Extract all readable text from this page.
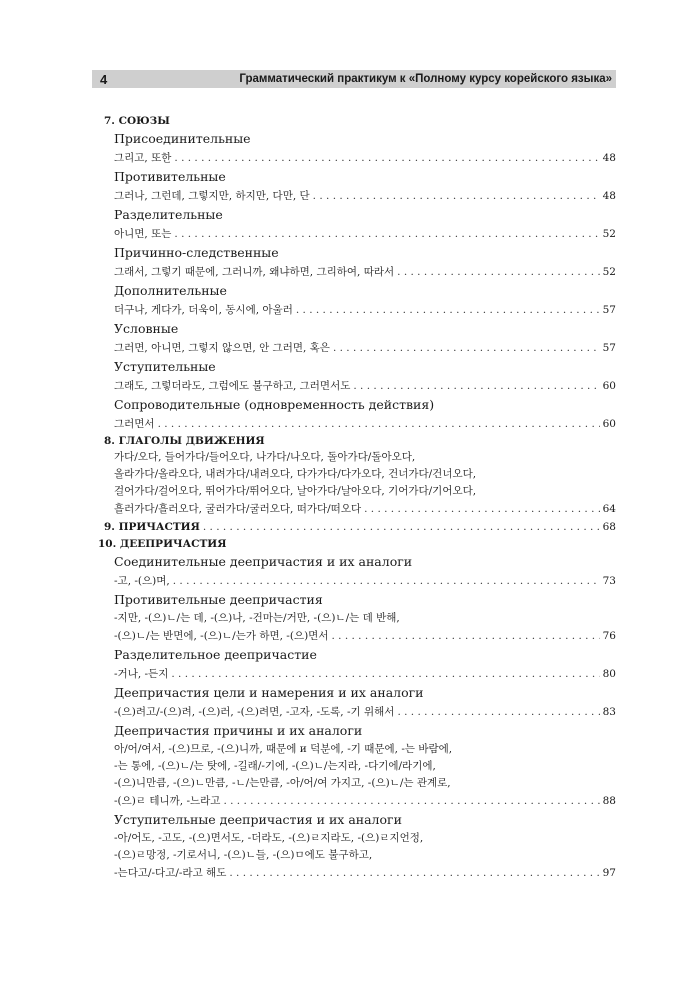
4	Грамматический практикум к «Полному курсу корейского языка»
7. СОЮЗЫ
Присоединительные
그리고, 또한 . . .	48
Противительные
그러나, 그런데, 그렇지만, 하지만, 다만, 단 . . .	48
Разделительные
아니면, 또는 . . .	52
Причинно-следственные
그래서, 그렇기 때문에, 그러니까, 왜냐하면, 그리하여, 따라서 . . .	52
Дополнительные
더구나, 게다가, 더욱이, 동시에, 아울러 . . .	57
Условные
그러면, 아니면, 그렇지 않으면, 안 그러면, 혹은 . . .	57
Уступительные
그래도, 그렇더라도, 그럼에도 불구하고, 그러면서도 . . .	60
Сопроводительные (одновременность действия)
그러면서 . . .	60
8. ГЛАГОЛЫ ДВИЖЕНИЯ
가다/오다, 들어가다/들어오다, 나가다/나오다, 돌아가다/돌아오다,
올라가다/올라오다, 내려가다/내려오다, 다가가다/다가오다, 건너가다/건너오다,
걸어가다/걸어오다, 뛰어가다/뛰어오다, 날아가다/날아오다, 기어가다/기어오다,
흘러가다/흘러오다, 굴러가다/굴러오다, 떠가다/떠오다 . . .	64
9. ПРИЧАСТИЯ . . .	68
10. ДЕЕПРИЧАСТИЯ
Соединительные деепричастия и их аналоги
-고, -(으)며, . . .	73
Противительные деепричастия
-지만, -(으)ㄴ/는 데, -(으)나, -건마는/거만, -(으)ㄴ/는 데 반해,
-(으)ㄴ/는 반면에, -(으)ㄴ/는가 하면, -(으)면서 . . .	76
Разделительное деепричастие
-거나, -든지 . . .	80
Деепричастия цели и намерения и их аналоги
-(으)려고/-(으)려, -(으)러, -(으)려면, -고자, -도록, -기 위해서 . . .	83
Деепричастия причины и их аналоги
아/어/여서, -(으)므로, -(으)니까, 때문에 и 덕분에, -기 때문에, -는 바람에,
-는 통에, -(으)ㄴ/는 탓에, -길래/-기에, -(으)ㄴ/는지라, -다기에/라기에,
-(으)니만큼, -(으)ㄴ만큼, -ㄴ/는만큼, -아/어/여 가지고, -(으)ㄴ/는 관계로,
-(으)ㄹ 테니까, -느라고 . . .	88
Уступительные деепричастия и их аналоги
-아/어도, -고도, -(으)면서도, -더라도, -(으)ㄹ지라도, -(으)ㄹ지언정,
-(으)ㄹ망정, -기로서니, -(으)ㄴ들, -(으)ㅁ에도 불구하고,
-는다고/-다고/-라고 해도 . . .	97
